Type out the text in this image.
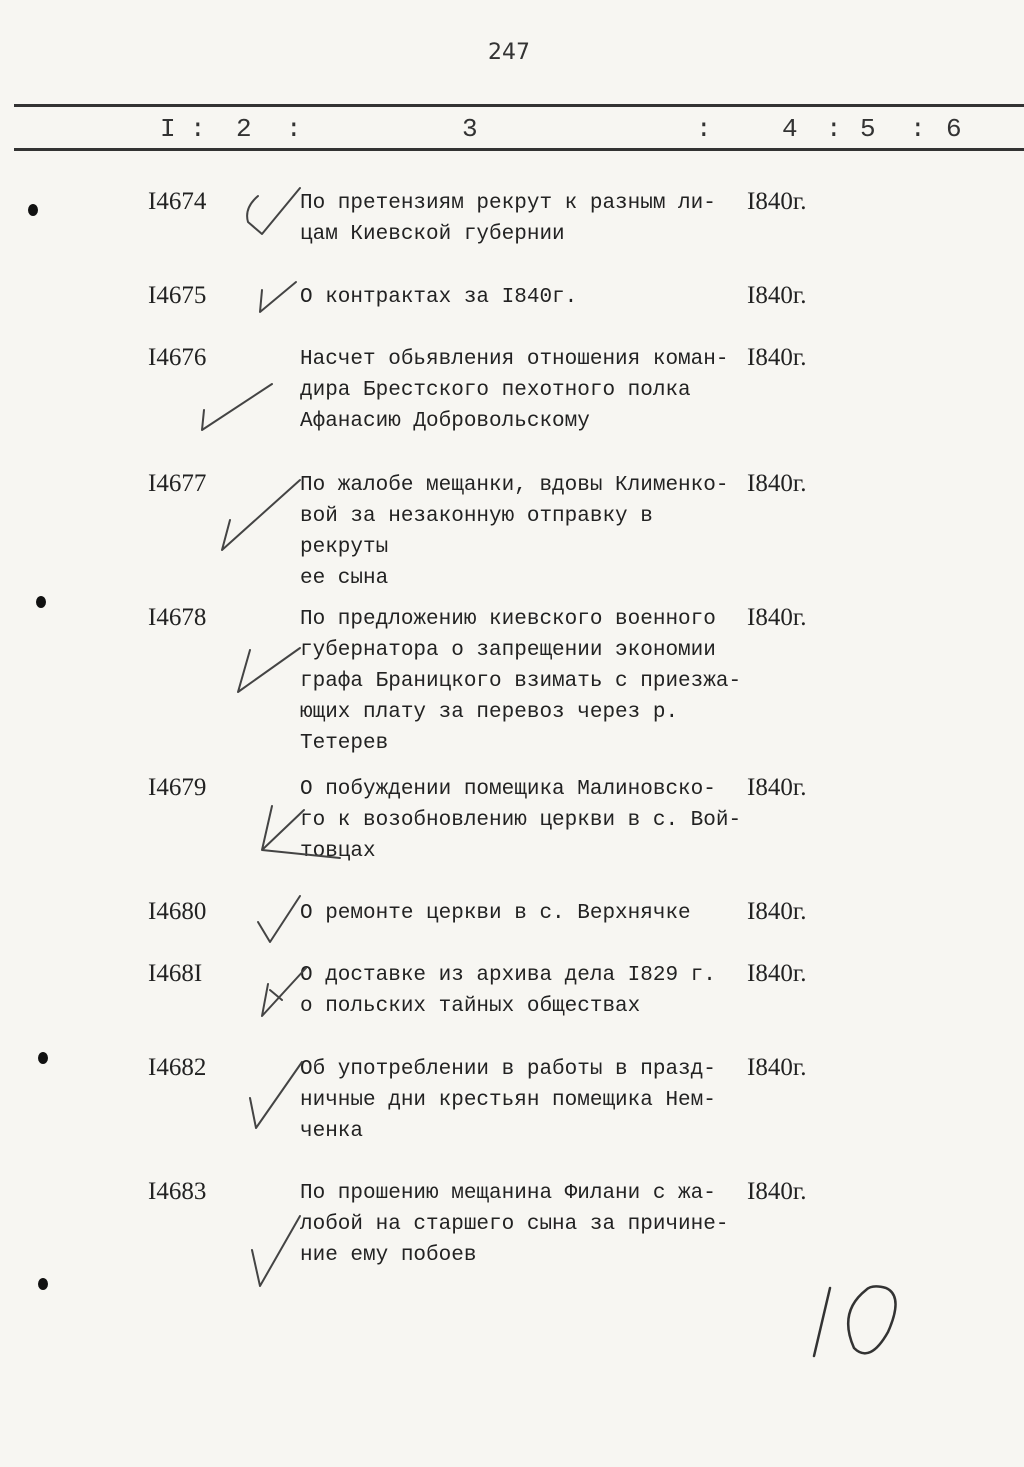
247
I : 2 :	3	:	4 : 5 : 6
I4674	По претензиям рекрут к разным ли-
цам Киевской губернии
I840г.
I4675	О контрактах за I840г.	I840г.
I4676	Насчет обьявления отношения коман-
дира Брестского пехотного полка
Афанасию Добровольскому
I840г.
I4677	По жалобе мещанки, вдовы Клименко-
вой за незаконную отправку в рекруты
ее сына
I840г.
I4678	По предложению киевского военного
губернатора о запрещении экономии
графа Браницкого взимать с приезжа-
ющих плату за перевоз через р. Тетерев
I840г.
I4679	О побуждении помещика Малиновско-
го к возобновлению церкви в с. Вой-
товцах
I840г.
I4680	О ремонте церкви в с. Верхнячке	I840г.
I468I	О доставке из архива дела I829 г.
о польских тайных обществах
I840г.
I4682	Об употреблении в работы в празд-
ничные дни крестьян помещика Нем-
ченка
I840г.
I4683	По прошению мещанина Филани с жа-
лобой на старшего сына за причине-
ние ему побоев
I840г.
10
